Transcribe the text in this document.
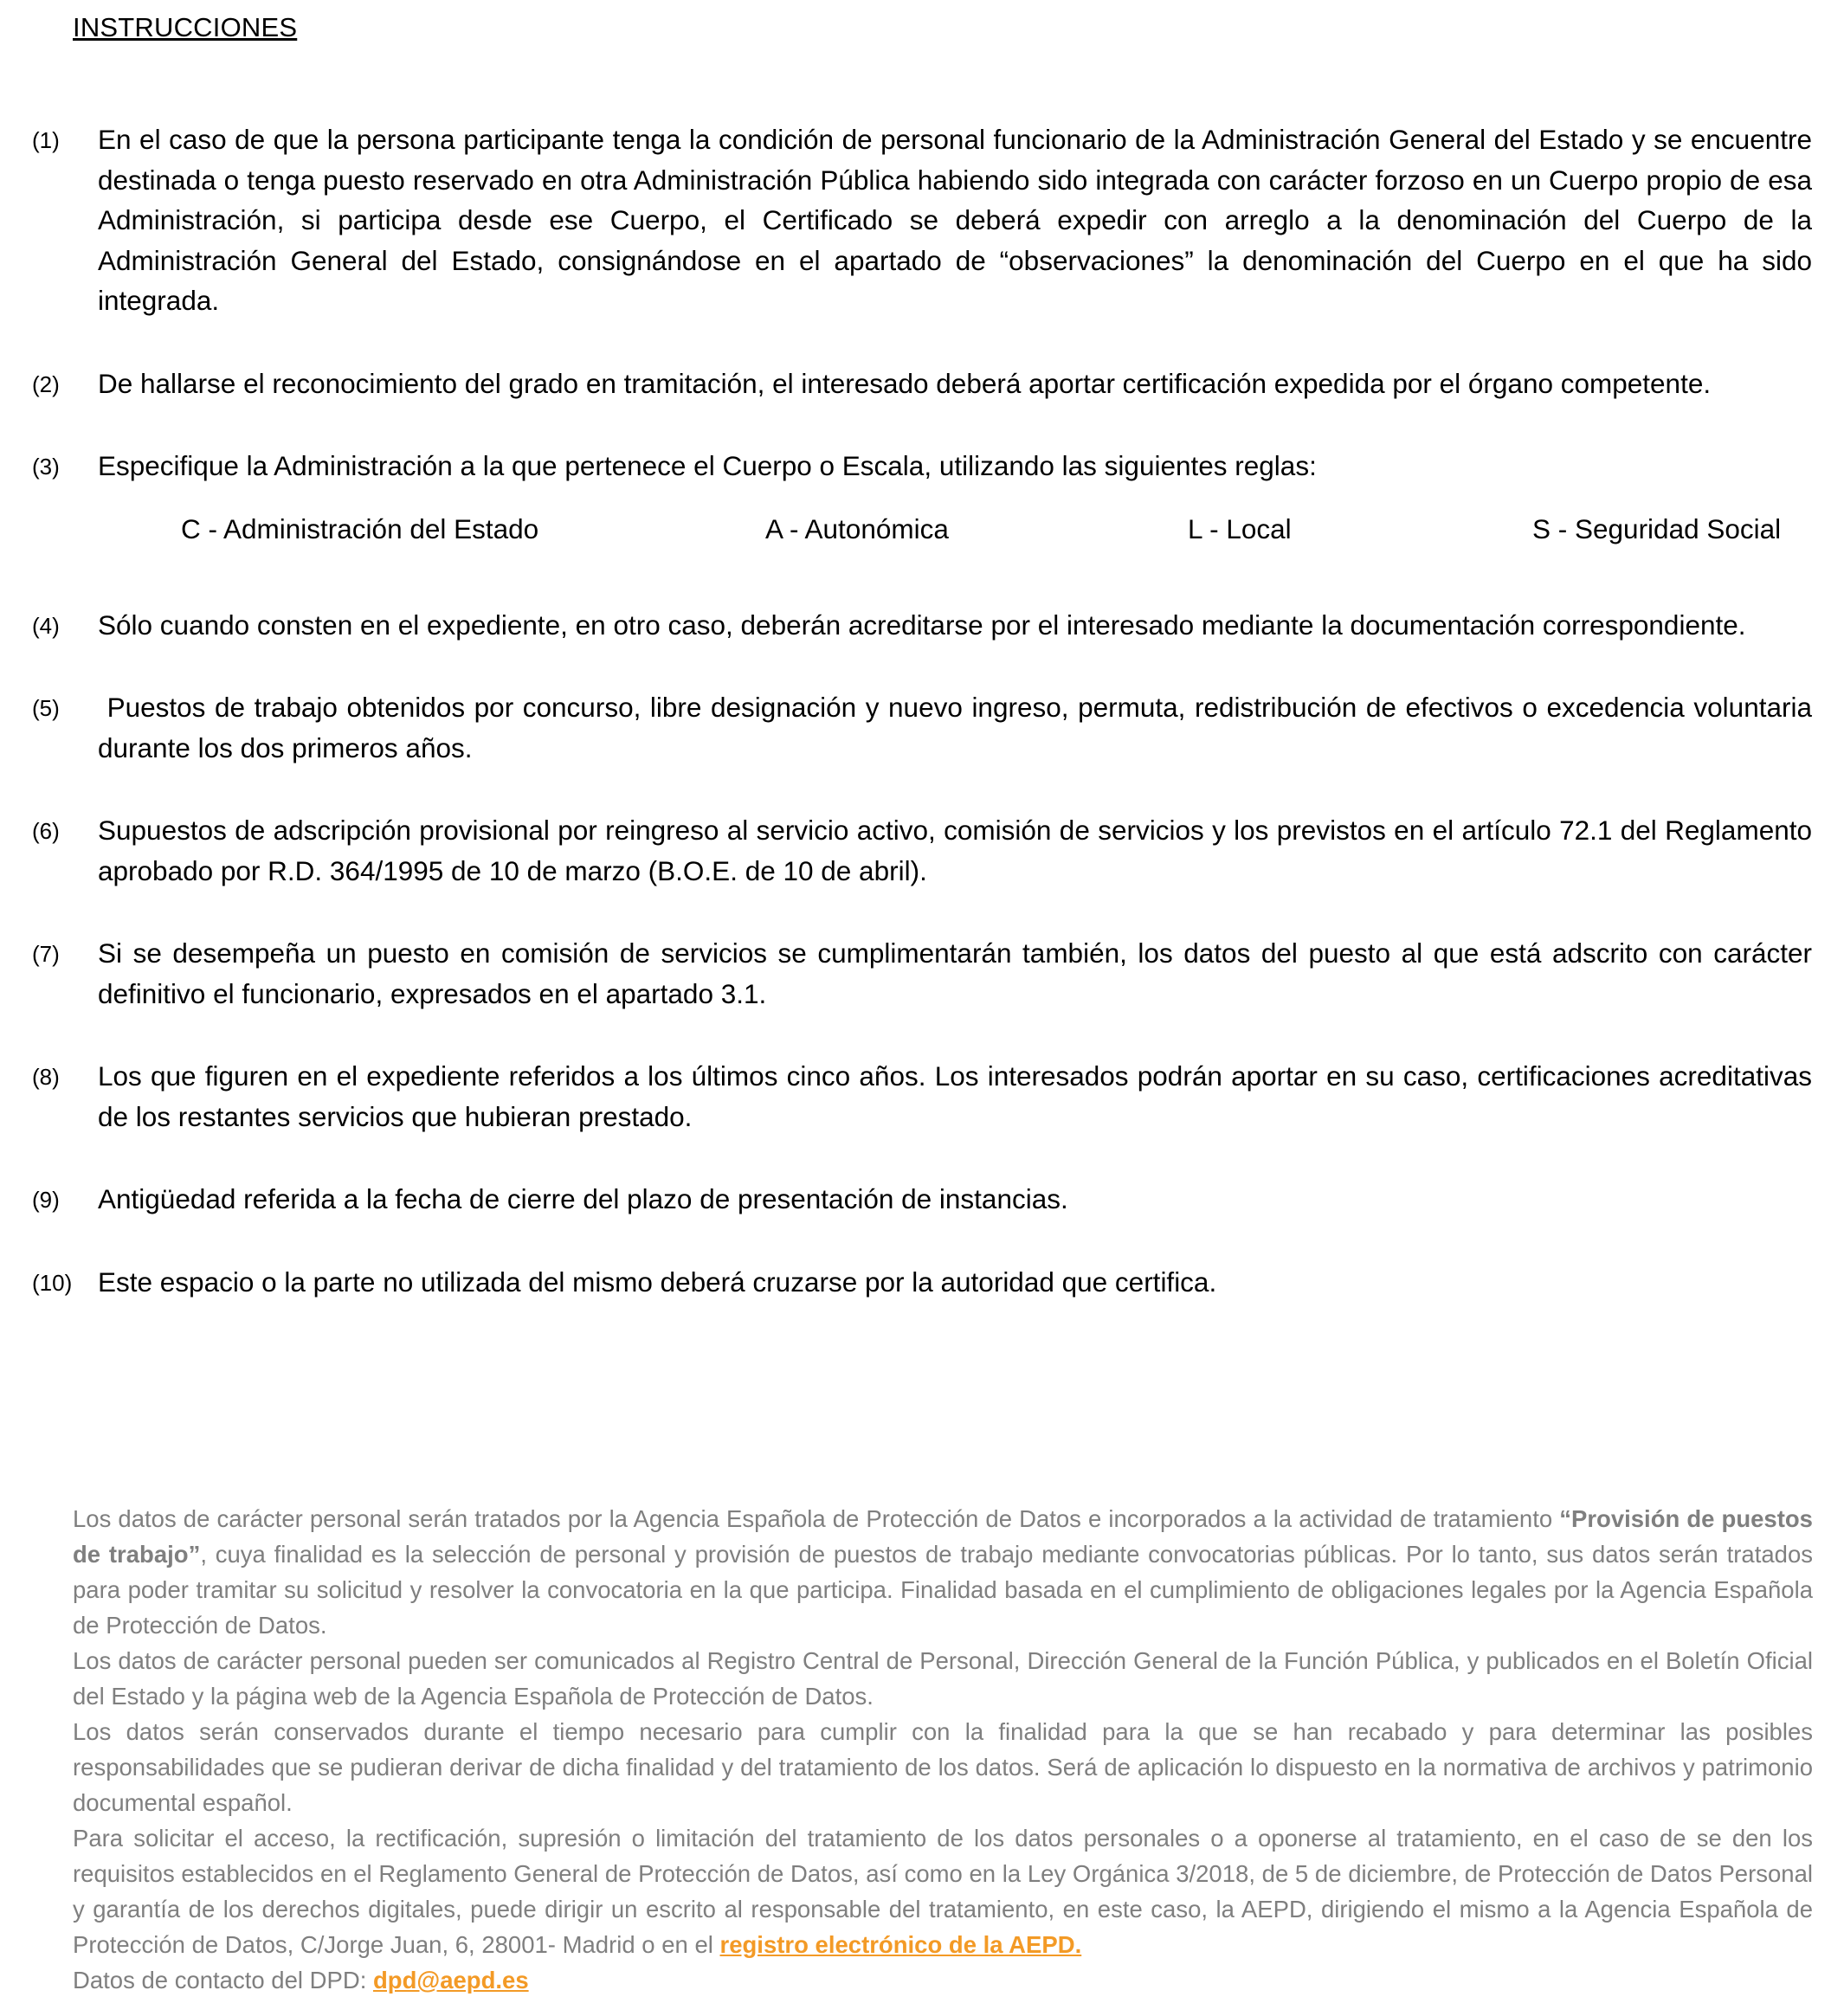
INSTRUCCIONES
(1) En el caso de que la persona participante tenga la condición de personal funcionario de la Administración General del Estado y se encuentre destinada o tenga puesto reservado en otra Administración Pública habiendo sido integrada con carácter forzoso en un Cuerpo propio de esa Administración, si participa desde ese Cuerpo, el Certificado se deberá expedir con arreglo a la denominación del Cuerpo de la Administración General del Estado, consignándose en el apartado de “observaciones” la denominación del Cuerpo en el que ha sido integrada.
(2) De hallarse el reconocimiento del grado en tramitación, el interesado deberá aportar certificación expedida por el órgano competente.
(3) Especifique la Administración a la que pertenece el Cuerpo o Escala, utilizando las siguientes reglas:
C - Administración del Estado	A - Autonómica	L - Local	S - Seguridad Social
(4) Sólo cuando consten en el expediente, en otro caso, deberán acreditarse por el interesado mediante la documentación correspondiente.
(5) Puestos de trabajo obtenidos por concurso, libre designación y nuevo ingreso, permuta, redistribución de efectivos o excedencia voluntaria durante los dos primeros años.
(6) Supuestos de adscripción provisional por reingreso al servicio activo, comisión de servicios y los previstos en el artículo 72.1 del Reglamento aprobado por R.D. 364/1995 de 10 de marzo (B.O.E. de 10 de abril).
(7) Si se desempeña un puesto en comisión de servicios se cumplimentarán también, los datos del puesto al que está adscrito con carácter definitivo el funcionario, expresados en el apartado 3.1.
(8) Los que figuren en el expediente referidos a los últimos cinco años. Los interesados podrán aportar en su caso, certificaciones acreditativas de los restantes servicios que hubieran prestado.
(9) Antigüedad referida a la fecha de cierre del plazo de presentación de instancias.
(10) Este espacio o la parte no utilizada del mismo deberá cruzarse por la autoridad que certifica.

Los datos de carácter personal serán tratados por la Agencia Española de Protección de Datos e incorporados a la actividad de tratamiento “Provisión de puestos de trabajo”, cuya finalidad es la selección de personal y provisión de puestos de trabajo mediante convocatorias públicas. Por lo tanto, sus datos serán tratados para poder tramitar su solicitud y resolver la convocatoria en la que participa. Finalidad basada en el cumplimiento de obligaciones legales por la Agencia Española de Protección de Datos.

Los datos de carácter personal pueden ser comunicados al Registro Central de Personal, Dirección General de la Función Pública, y publicados en el Boletín Oficial del Estado y la página web de la Agencia Española de Protección de Datos.

Los datos serán conservados durante el tiempo necesario para cumplir con la finalidad para la que se han recabado y para determinar las posibles responsabilidades que se pudieran derivar de dicha finalidad y del tratamiento de los datos. Será de aplicación lo dispuesto en la normativa de archivos y patrimonio documental español.

Para solicitar el acceso, la rectificación, supresión o limitación del tratamiento de los datos personales o a oponerse al tratamiento, en el caso de se den los requisitos establecidos en el Reglamento General de Protección de Datos, así como en la Ley Orgánica 3/2018, de 5 de diciembre, de Protección de Datos Personal y garantía de los derechos digitales, puede dirigir un escrito al responsable del tratamiento, en este caso, la AEPD, dirigiendo el mismo a la Agencia Española de Protección de Datos, C/Jorge Juan, 6, 28001- Madrid o en el registro electrónico de la AEPD.

Datos de contacto del DPD: dpd@aepd.es
